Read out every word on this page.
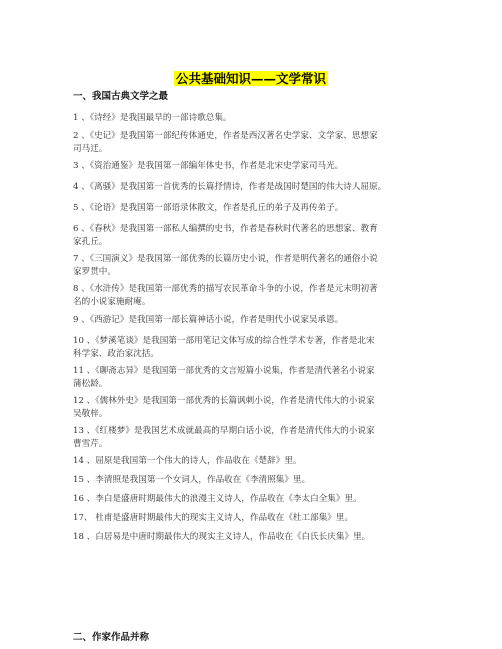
公共基础知识——文学常识
一、我国古典文学之最
1 、《诗经》是我国最早的一部诗歌总集。
2 、《史记》是我国第一部纪传体通史，作者是西汉著名史学家、文学家、思想家
司马迁。
3 、《资治通鉴》是我国第一部编年体史书，作者是北宋史学家司马光。
4 、《离骚》是我国第一首优秀的长篇抒情诗，作者是战国时楚国的伟大诗人屈原。
5 、《论语》是我国第一部语录体散文，作者是孔丘的弟子及再传弟子。
6 、《春秋》是我国第一部私人编撰的史书，作者是春秋时代著名的思想家、教育
家孔丘。
7 、《三国演义》是我国第一部优秀的长篇历史小说，作者是明代著名的通俗小说
家罗贯中。
8 、《水浒传》是我国第一部优秀的描写农民革命斗争的小说，作者是元末明初著
名的小说家施耐庵。
9 、《西游记》是我国第一部长篇神话小说，作者是明代小说家吴承恩。
10 、《梦溪笔谈》是我国第一部用笔记文体写成的综合性学术专著，作者是北宋
科学家、政治家沈括。
11 、《聊斋志异》是我国第一部优秀的文言短篇小说集，作者是清代著名小说家
蒲松龄。
12 、《儒林外史》是我国第一部优秀的长篇讽刺小说，作者是清代伟大的小说家
吴敬梓。
13 、《红楼梦》是我国艺术成就最高的早期白话小说，作者是清代伟大的小说家
曹雪芹。
14 、屈原是我国第一个伟大的诗人，作品收在《楚辞》里。
15 、李清照是我国第一个女词人，作品收在《李清照集》里。
16 、李白是盛唐时期最伟大的浪漫主义诗人，作品收在《李太白全集》里。
17、 杜甫是盛唐时期最伟大的现实主义诗人，作品收在《杜工部集》里。
18 、白居易是中唐时期最伟大的现实主义诗人，作品收在《白氏长庆集》里。
二、作家作品并称
